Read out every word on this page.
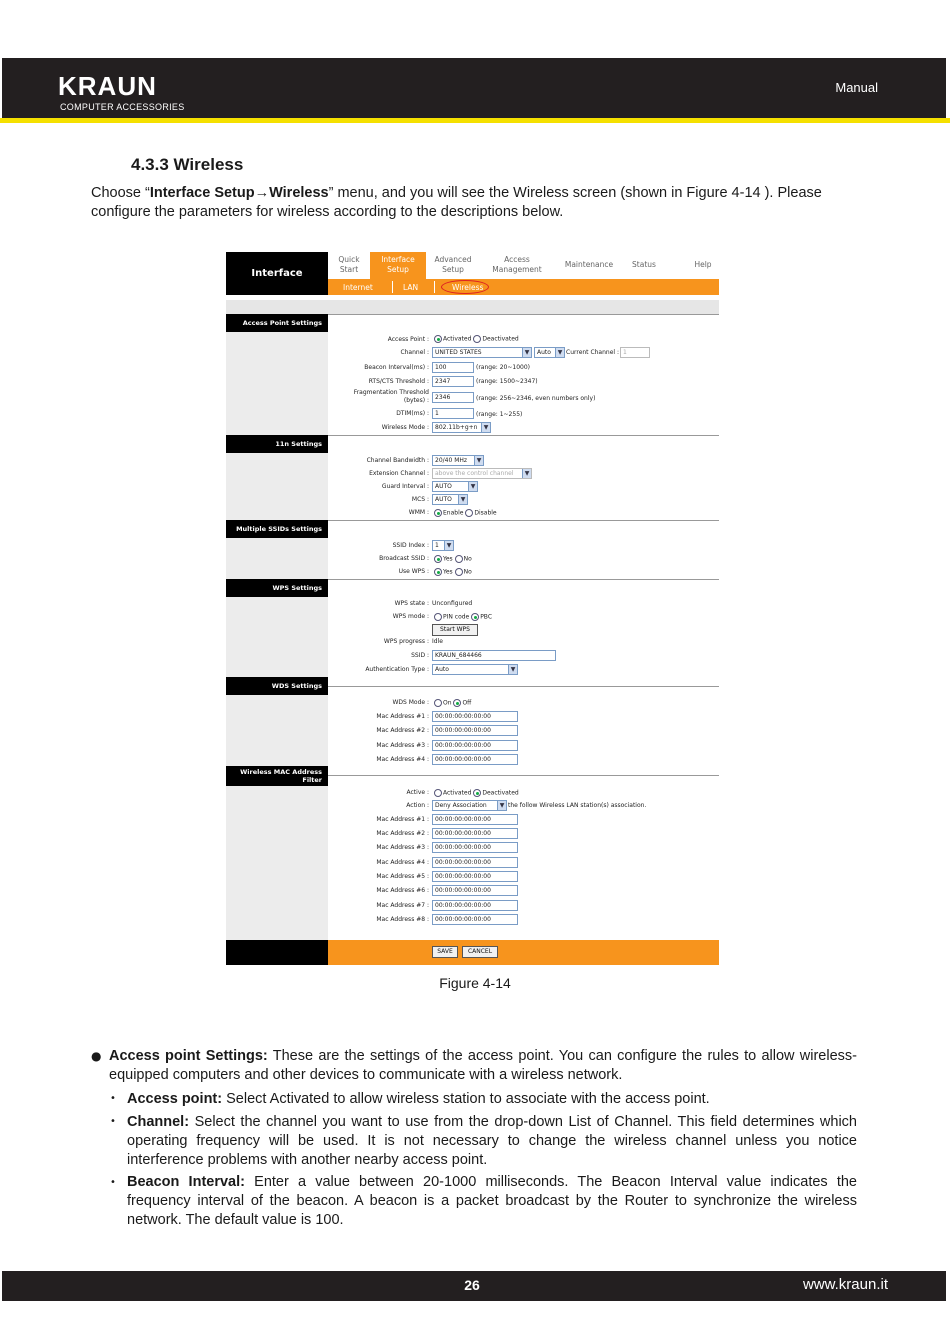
KRAUN
COMPUTER ACCESSORIES
Manual
4.3.3 Wireless
Choose “Interface Setup→Wireless” menu, and you will see the Wireless screen (shown in Figure 4-14 ). Please configure the parameters for wireless according to the descriptions below.
Interface
Quick Start
Interface Setup
Advanced Setup
Access Management
Maintenance	Status	Help
Internet	LAN	Wireless
Access Point Settings
Access Point :	Activated Deactivated
Channel :	UNITED STATES	▼	Auto	▼ Current Channel : 1
Beacon Interval(ms) :	100	(range: 20~1000)
RTS/CTS Threshold :	2347	(range: 1500~2347)
Fragmentation Threshold
(bytes) :	2346	(range: 256~2346, even numbers only)
DTIM(ms) :	1	(range: 1~255)
Wireless Mode :	802.11b+g+n	▼
11n Settings
Channel Bandwidth :	20/40 MHz	▼
Extension Channel :	above the control channel	▼
Guard Interval :	AUTO	▼
MCS :	AUTO	▼
WMM :	Enable Disable
Multiple SSIDs Settings
SSID Index :	1	▼
Broadcast SSID :	Yes No
Use WPS :	Yes No
WPS Settings
WPS state : Unconfigured
WPS mode :	PIN code PBC
Start WPS
WPS progress : Idle
SSID :	KRAUN_684466
Authentication Type :	Auto	▼
WDS Settings
WDS Mode :	On Off
Mac Address #1 :	00:00:00:00:00:00
Mac Address #2 :	00:00:00:00:00:00
Mac Address #3 :	00:00:00:00:00:00
Mac Address #4 :	00:00:00:00:00:00
Wireless MAC Address
Filter
Active :	Activated Deactivated
Action :	Deny Association	▼ the follow Wireless LAN station(s) association.
Mac Address #1 :	00:00:00:00:00:00
Mac Address #2 :	00:00:00:00:00:00
Mac Address #3 :	00:00:00:00:00:00
Mac Address #4 :	00:00:00:00:00:00
Mac Address #5 :	00:00:00:00:00:00
Mac Address #6 :	00:00:00:00:00:00
Mac Address #7 :	00:00:00:00:00:00
Mac Address #8 :	00:00:00:00:00:00
SAVE	CANCEL
Figure 4-14
● Access point Settings: These are the settings of the access point. You can configure the rules to allow wireless-equipped computers and other devices to communicate with a wireless network.
• Access point: Select Activated to allow wireless station to associate with the access point.
• Channel: Select the channel you want to use from the drop-down List of Channel. This field determines which operating frequency will be used. It is not necessary to change the wireless channel unless you notice interference problems with another nearby access point.
• Beacon Interval: Enter a value between 20-1000 milliseconds. The Beacon Interval value indicates the frequency interval of the beacon. A beacon is a packet broadcast by the Router to synchronize the wireless network. The default value is 100.
26	www.kraun.it
